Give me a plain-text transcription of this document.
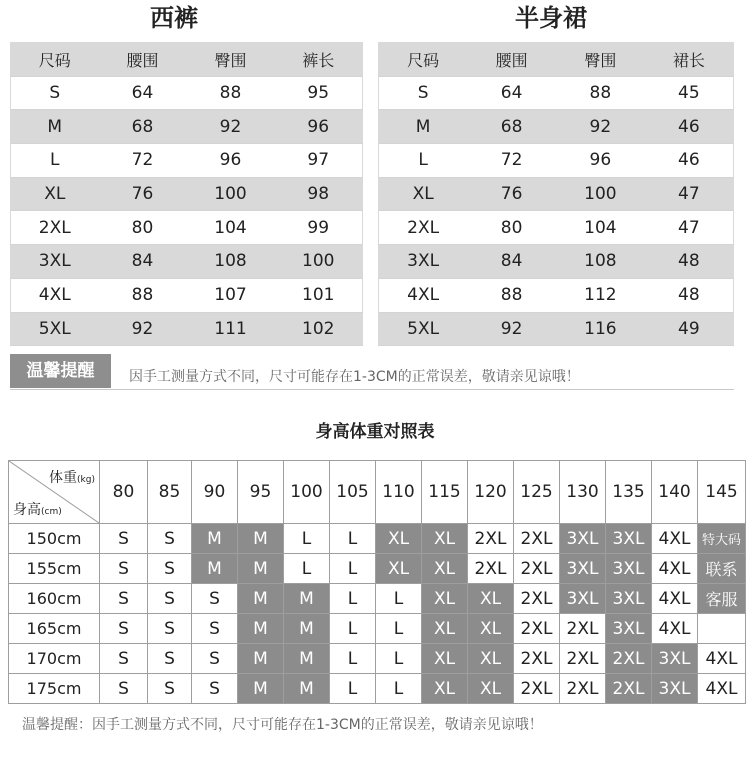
西裤	半身裙
尺码	腰围	臀围	裤长
S	64	88	95
M	68	92	96
L	72	96	97
XL	76	100	98
2XL	80	104	99
3XL	84	108	100
4XL	88	107	101
5XL	92	111	102
尺码	腰围	臀围	裙长
S	64	88	45
M	68	92	46
L	72	96	46
XL	76	100	47
2XL	80	104	47
3XL	84	108	48
4XL	88	112	48
5XL	92	116	49
温馨提醒	因手工测量方式不同，尺寸可能存在1-3CM的正常误差，敬请亲见谅哦！
身高体重对照表
体重(kg)
身高(cm)	80	85	90	95	100	105	110	115	120	125	130	135	140	145
150cm	S	S	M	M	L	L	XL	XL	2XL	2XL	3XL	3XL	4XL	特大码
155cm	S	S	M	M	L	L	XL	XL	2XL	2XL	3XL	3XL	4XL	联系
160cm	S	S	S	M	M	L	L	XL	XL	2XL	3XL	3XL	4XL	客服
165cm	S	S	S	M	M	L	L	XL	XL	2XL	2XL	3XL	4XL	
170cm	S	S	S	M	M	L	L	XL	XL	2XL	2XL	2XL	3XL	4XL
175cm	S	S	S	M	M	L	L	XL	XL	2XL	2XL	2XL	3XL	4XL
温馨提醒：因手工测量方式不同，尺寸可能存在1-3CM的正常误差，敬请亲见谅哦！
